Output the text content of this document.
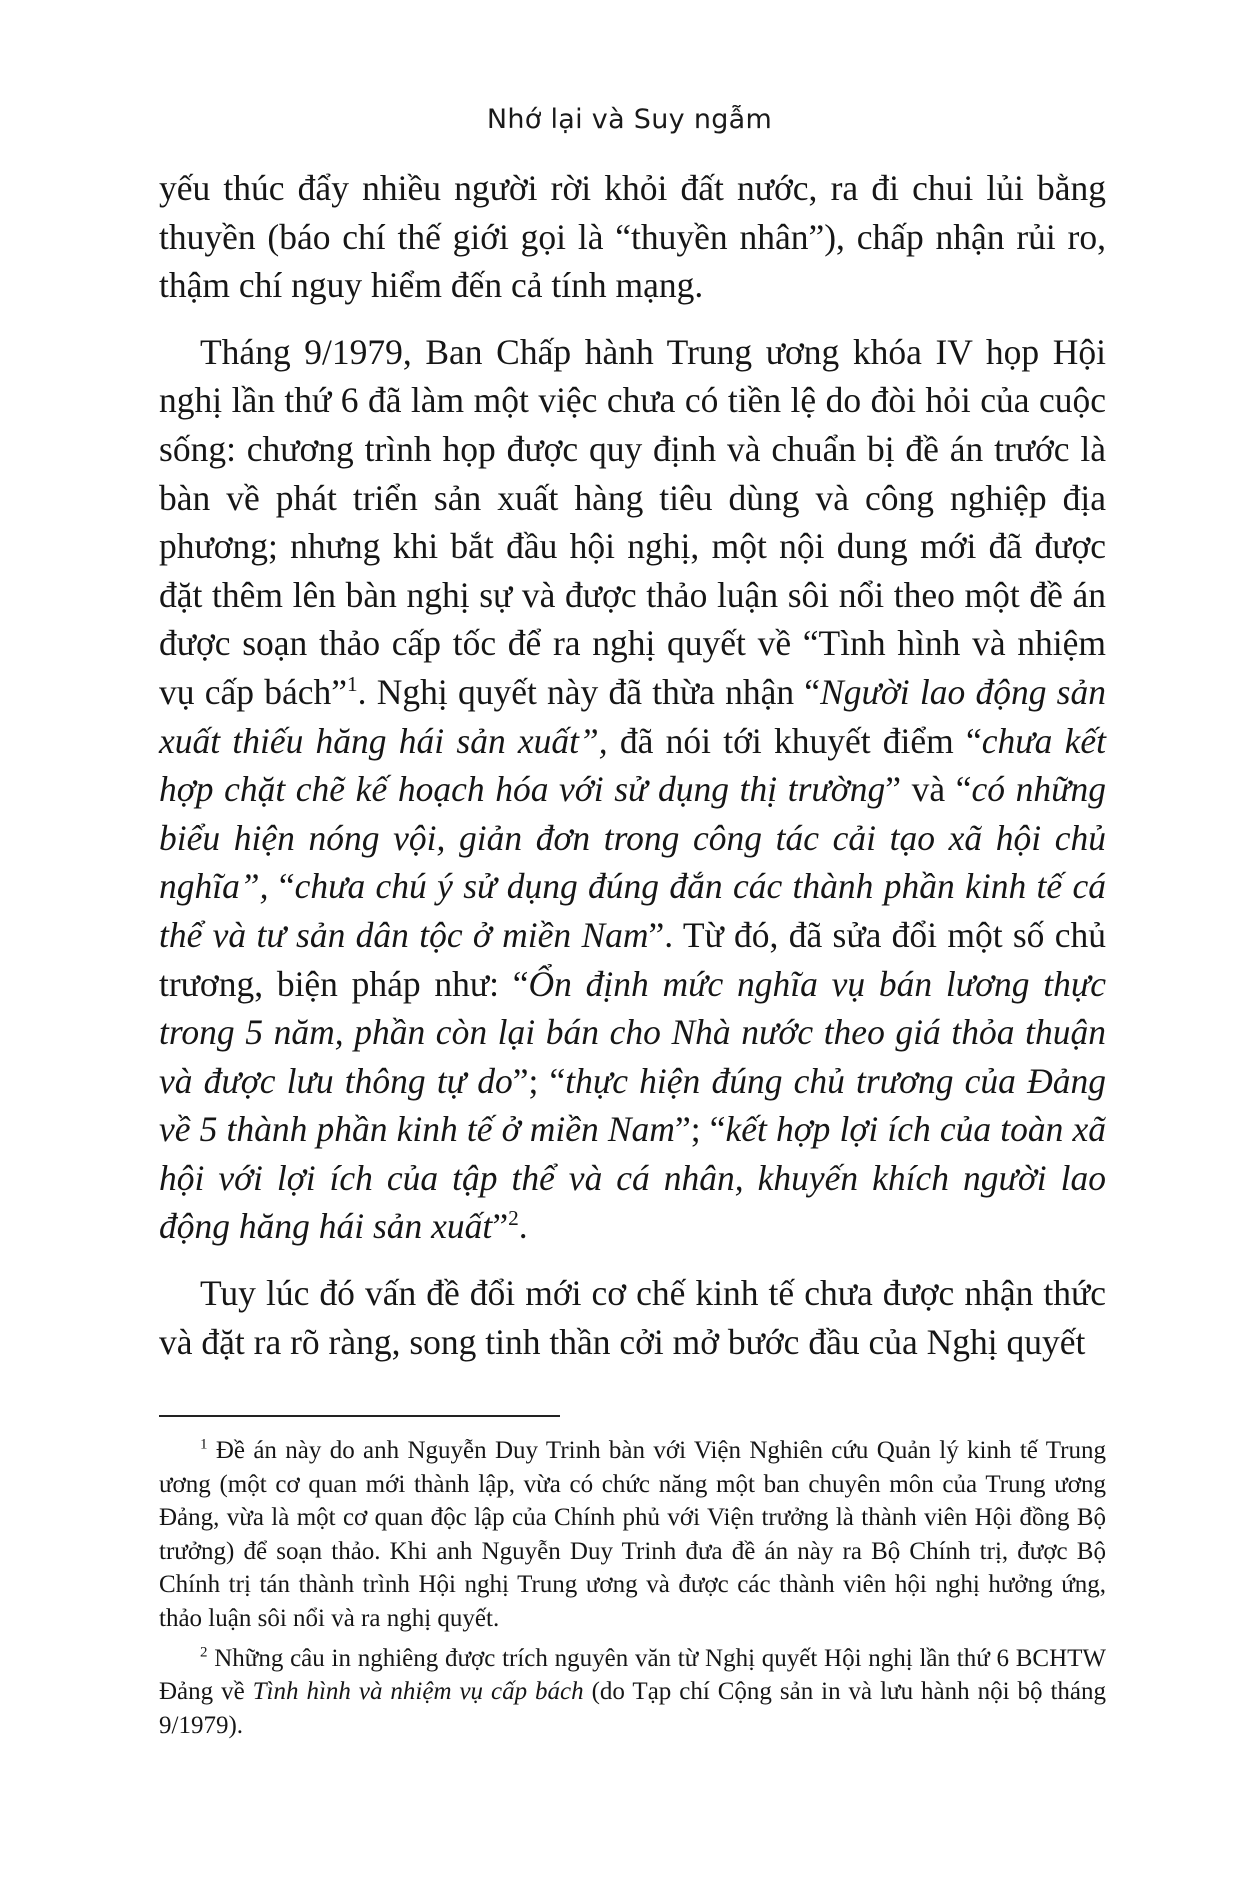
Nhớ lại và Suy ngẫm

yếu thúc đẩy nhiều người rời khỏi đất nước, ra đi chui lủi bằng thuyền (báo chí thế giới gọi là “thuyền nhân”), chấp nhận rủi ro, thậm chí nguy hiểm đến cả tính mạng.

Tháng 9/1979, Ban Chấp hành Trung ương khóa IV họp Hội nghị lần thứ 6 đã làm một việc chưa có tiền lệ do đòi hỏi của cuộc sống: chương trình họp được quy định và chuẩn bị đề án trước là bàn về phát triển sản xuất hàng tiêu dùng và công nghiệp địa phương; nhưng khi bắt đầu hội nghị, một nội dung mới đã được đặt thêm lên bàn nghị sự và được thảo luận sôi nổi theo một đề án được soạn thảo cấp tốc để ra nghị quyết về “Tình hình và nhiệm vụ cấp bách”$^1$. Nghị quyết này đã thừa nhận “Người lao động sản xuất thiếu hăng hái sản xuất”, đã nói tới khuyết điểm “chưa kết hợp chặt chẽ kế hoạch hóa với sử dụng thị trường” và “có những biểu hiện nóng vội, giản đơn trong công tác cải tạo xã hội chủ nghĩa”, “chưa chú ý sử dụng đúng đắn các thành phần kinh tế cá thể và tư sản dân tộc ở miền Nam”. Từ đó, đã sửa đổi một số chủ trương, biện pháp như: “Ổn định mức nghĩa vụ bán lương thực trong 5 năm, phần còn lại bán cho Nhà nước theo giá thỏa thuận và được lưu thông tự do”; “thực hiện đúng chủ trương của Đảng về 5 thành phần kinh tế ở miền Nam”; “kết hợp lợi ích của toàn xã hội với lợi ích của tập thể và cá nhân, khuyến khích người lao động hăng hái sản xuất”$^2$.

Tuy lúc đó vấn đề đổi mới cơ chế kinh tế chưa được nhận thức và đặt ra rõ ràng, song tinh thần cởi mở bước đầu của Nghị quyết

$^1$ Đề án này do anh Nguyễn Duy Trinh bàn với Viện Nghiên cứu Quản lý kinh tế Trung ương (một cơ quan mới thành lập, vừa có chức năng một ban chuyên môn của Trung ương Đảng, vừa là một cơ quan độc lập của Chính phủ với Viện trưởng là thành viên Hội đồng Bộ trưởng) để soạn thảo. Khi anh Nguyễn Duy Trinh đưa đề án này ra Bộ Chính trị, được Bộ Chính trị tán thành trình Hội nghị Trung ương và được các thành viên hội nghị hưởng ứng, thảo luận sôi nổi và ra nghị quyết.

$^2$ Những câu in nghiêng được trích nguyên văn từ Nghị quyết Hội nghị lần thứ 6 BCHTW Đảng về Tình hình và nhiệm vụ cấp bách (do Tạp chí Cộng sản in và lưu hành nội bộ tháng 9/1979).
